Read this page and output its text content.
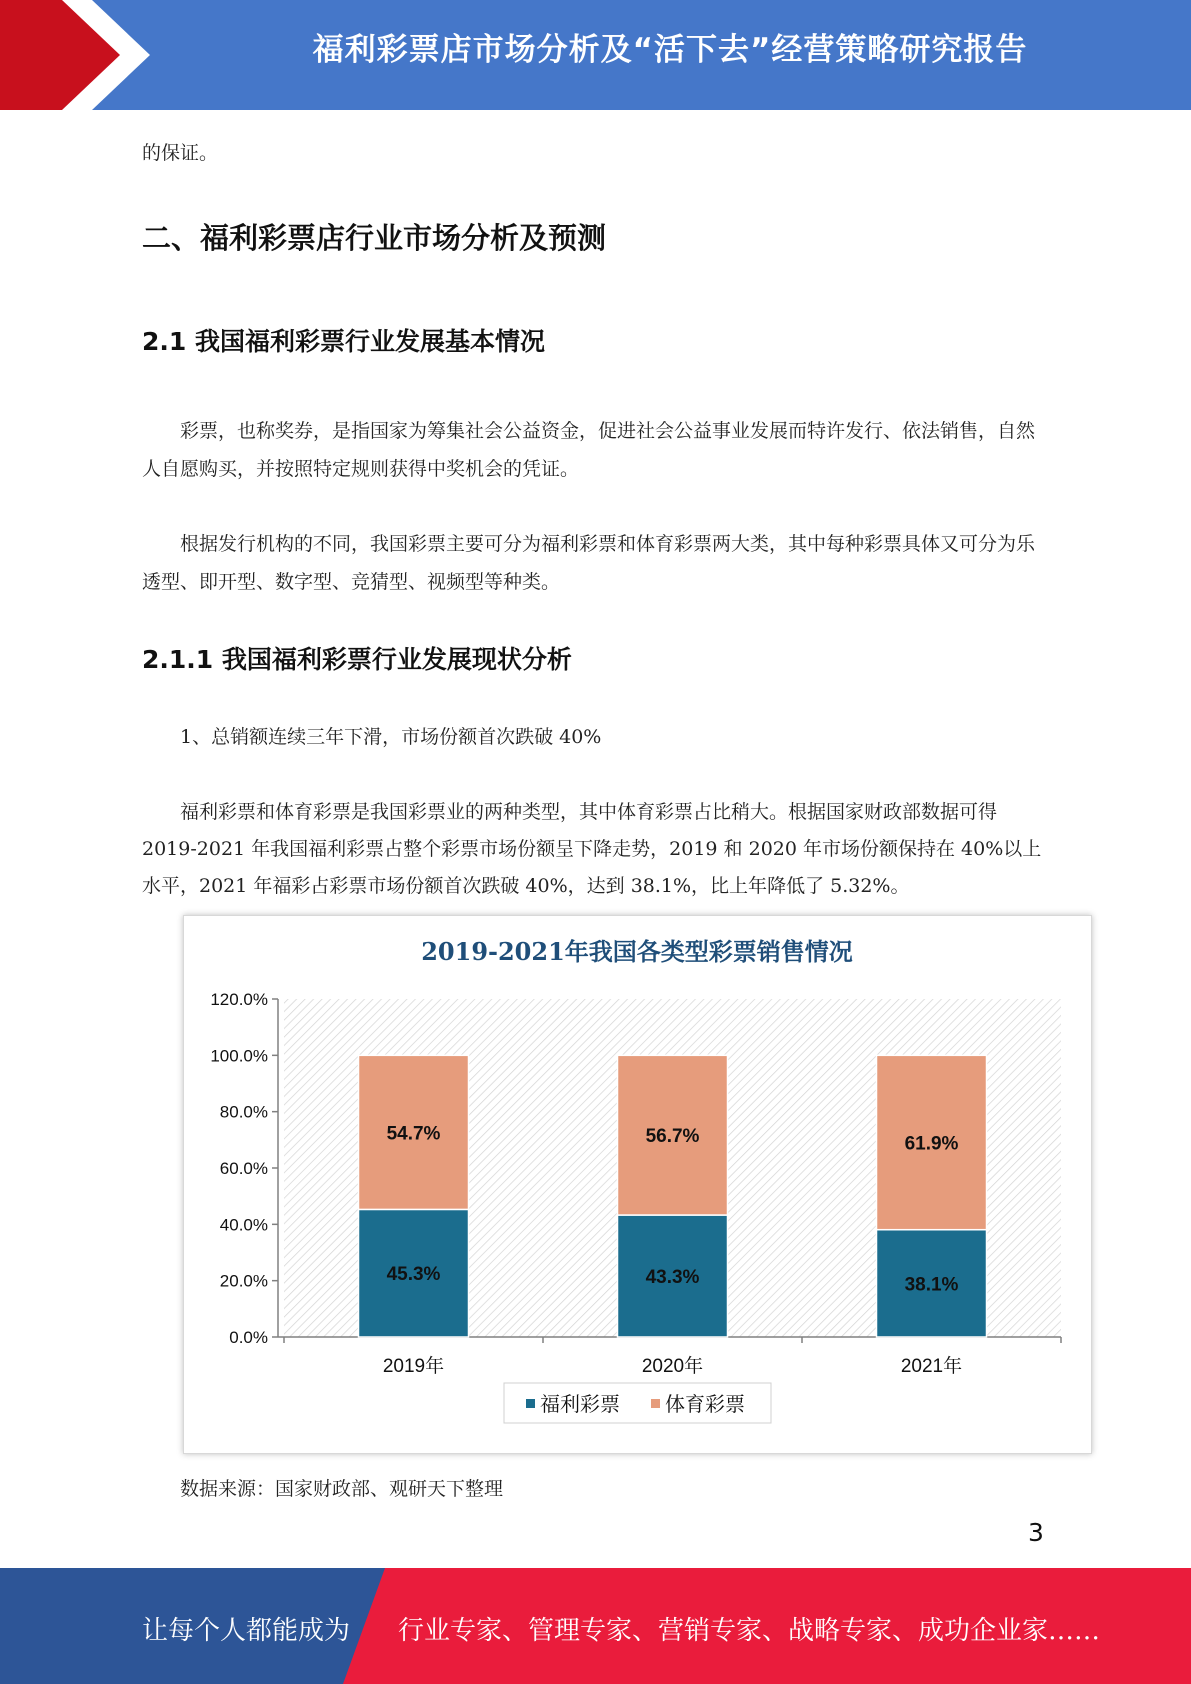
福利彩票店市场分析及“活下去”经营策略研究报告
的保证。
二、福利彩票店行业市场分析及预测
2.1 我国福利彩票行业发展基本情况
彩票，也称奖券，是指国家为筹集社会公益资金，促进社会公益事业发展而特许发行、依法销售，自然人自愿购买，并按照特定规则获得中奖机会的凭证。
根据发行机构的不同，我国彩票主要可分为福利彩票和体育彩票两大类，其中每种彩票具体又可分为乐透型、即开型、数字型、竞猜型、视频型等种类。
2.1.1 我国福利彩票行业发展现状分析
1、总销额连续三年下滑，市场份额首次跌破 40%
福利彩票和体育彩票是我国彩票业的两种类型，其中体育彩票占比稍大。根据国家财政部数据可得 2019-2021 年我国福利彩票占整个彩票市场份额呈下降走势，2019 和 2020 年市场份额保持在 40%以上水平，2021 年福彩占彩票市场份额首次跌破 40%，达到 38.1%，比上年降低了 5.32%。
2019-2021年我国各类型彩票销售情况
0.0%
20.0%
40.0%
60.0%
80.0%
100.0%
120.0%
45.3%
54.7%
2019年
43.3%
56.7%
2020年
38.1%
61.9%
2021年
福利彩票 体育彩票
数据来源：国家财政部、观研天下整理
3
让每个人都能成为 行业专家、管理专家、营销专家、战略专家、成功企业家……
